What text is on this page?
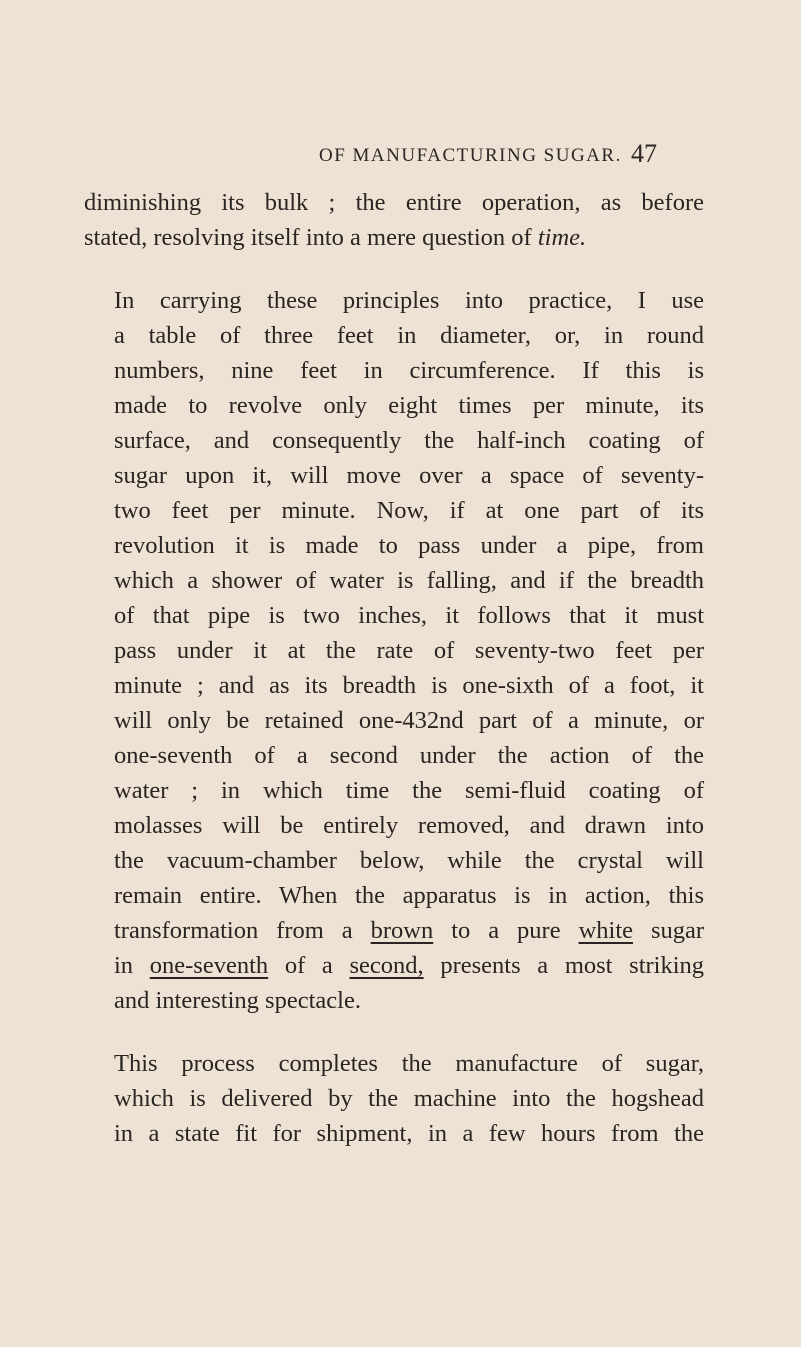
OF MANUFACTURING SUGAR. 47

diminishing its bulk ; the entire operation, as before
stated, resolving itself into a mere question of time.

In carrying these principles into practice, I use
a table of three feet in diameter, or, in round
numbers, nine feet in circumference. If this is
made to revolve only eight times per minute, its
surface, and consequently the half-inch coating of
sugar upon it, will move over a space of seventy-
two feet per minute. Now, if at one part of its
revolution it is made to pass under a pipe, from
which a shower of water is falling, and if the breadth
of that pipe is two inches, it follows that it must
pass under it at the rate of seventy-two feet per
minute ; and as its breadth is one-sixth of a foot, it
will only be retained one-432nd part of a minute, or
one-seventh of a second under the action of the
water ; in which time the semi-fluid coating of
molasses will be entirely removed, and drawn into
the vacuum-chamber below, while the crystal will
remain entire. When the apparatus is in action, this
transformation from a brown to a pure white sugar
in one-seventh of a second, presents a most striking
and interesting spectacle.

This process completes the manufacture of sugar,
which is delivered by the machine into the hogshead
in a state fit for shipment, in a few hours from the
